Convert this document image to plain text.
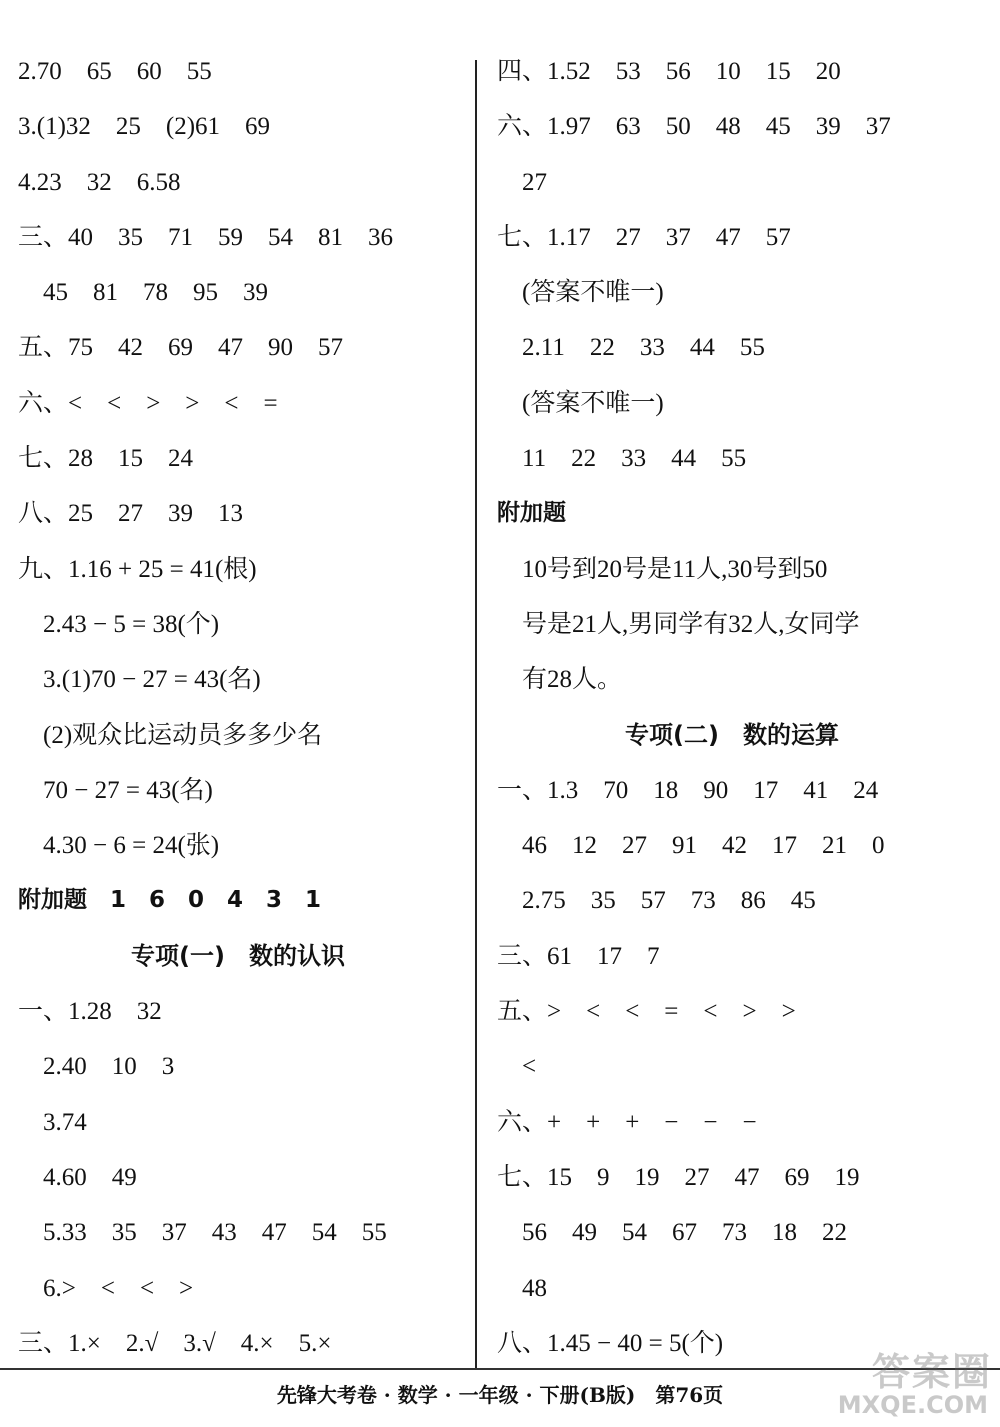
2.70　65　60　55
3.(1)32　25　(2)61　69
4.23　32　6.58
三、40　35　71　59　54　81　36
　45　81　78　95　39
五、75　42　69　47　90　57
六、<　<　>　>　<　=
七、28　15　24
八、25　27　39　13
九、1.16 + 25 = 41(根)
　2.43 − 5 = 38(个)
　3.(1)70 − 27 = 43(名)
　(2)观众比运动员多多少名
　70 − 27 = 43(名)
　4.30 − 6 = 24(张)
附加题　1　6　0　4　3　1
专项(一)　数的认识
一、1.28　32
　2.40　10　3
　3.74
　4.60　49
　5.33　35　37　43　47　54　55
　6.>　<　<　>
三、1.×　2.√　3.√　4.×　5.×
四、1.52　53　56　10　15　20
六、1.97　63　50　48　45　39　37
　27
七、1.17　27　37　47　57
　(答案不唯一)
　2.11　22　33　44　55
　(答案不唯一)
　11　22　33　44　55
附加题
　10号到20号是11人,30号到50
　号是21人,男同学有32人,女同学
　有28人。
专项(二)　数的运算
一、1.3　70　18　90　17　41　24
　46　12　27　91　42　17　21　0
　2.75　35　57　73　86　45
三、61　17　7
五、>　<　<　=　<　>　>
　<
六、+　+　+　−　−　−
七、15　9　19　27　47　69　19
　56　49　54　67　73　18　22
　48
八、1.45 − 40 = 5(个)
先锋大考卷 · 数学 · 一年级 · 下册(B版)　第76页
答案圈
MXQE.COM
